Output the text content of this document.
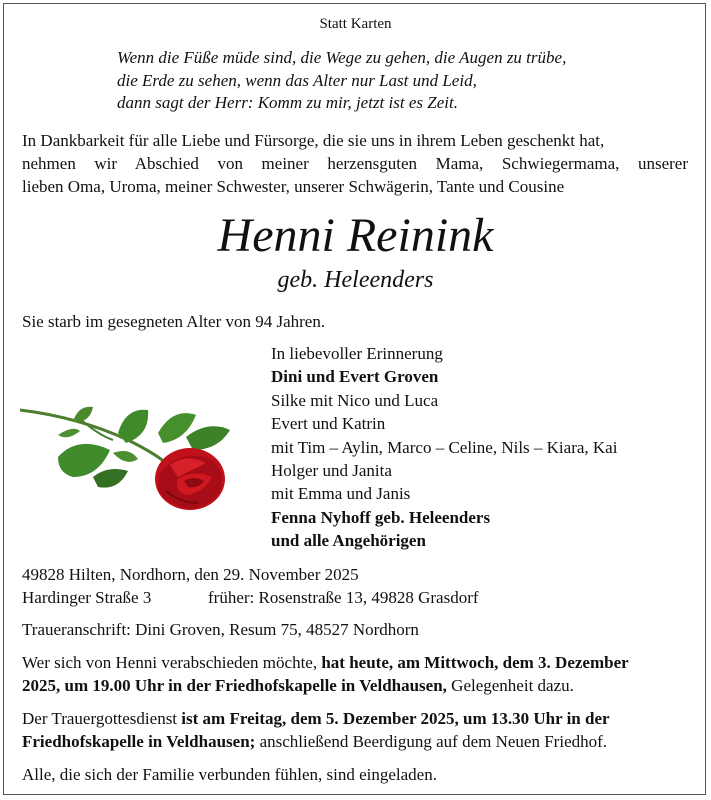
Statt Karten
Wenn die Füße müde sind, die Wege zu gehen, die Augen zu trübe,
die Erde zu sehen, wenn das Alter nur Last und Leid,
dann sagt der Herr: Komm zu mir, jetzt ist es Zeit.
In Dankbarkeit für alle Liebe und Fürsorge, die sie uns in ihrem Leben geschenkt hat,
nehmen wir Abschied von meiner herzensguten Mama, Schwiegermama, unserer
lieben Oma, Uroma, meiner Schwester, unserer Schwägerin, Tante und Cousine
Henni Reinink
geb. Heleenders
Sie starb im gesegneten Alter von 94 Jahren.
In liebevoller Erinnerung
Dini und Evert Groven
Silke mit Nico und Luca
Evert und Katrin
mit Tim – Aylin, Marco – Celine, Nils – Kiara, Kai
Holger und Janita
mit Emma und Janis
Fenna Nyhoff geb. Heleenders
und alle Angehörigen
49828 Hilten, Nordhorn, den 29. November 2025
Hardinger Straße 3	früher: Rosenstraße 13, 49828 Grasdorf
Traueranschrift: Dini Groven, Resum 75, 48527 Nordhorn
Wer sich von Henni verabschieden möchte, hat heute, am Mittwoch, dem 3. Dezember
2025, um 19.00 Uhr in der Friedhofskapelle in Veldhausen, Gelegenheit dazu.
Der Trauergottesdienst ist am Freitag, dem 5. Dezember 2025, um 13.30 Uhr in der
Friedhofskapelle in Veldhausen; anschließend Beerdigung auf dem Neuen Friedhof.
Alle, die sich der Familie verbunden fühlen, sind eingeladen.
